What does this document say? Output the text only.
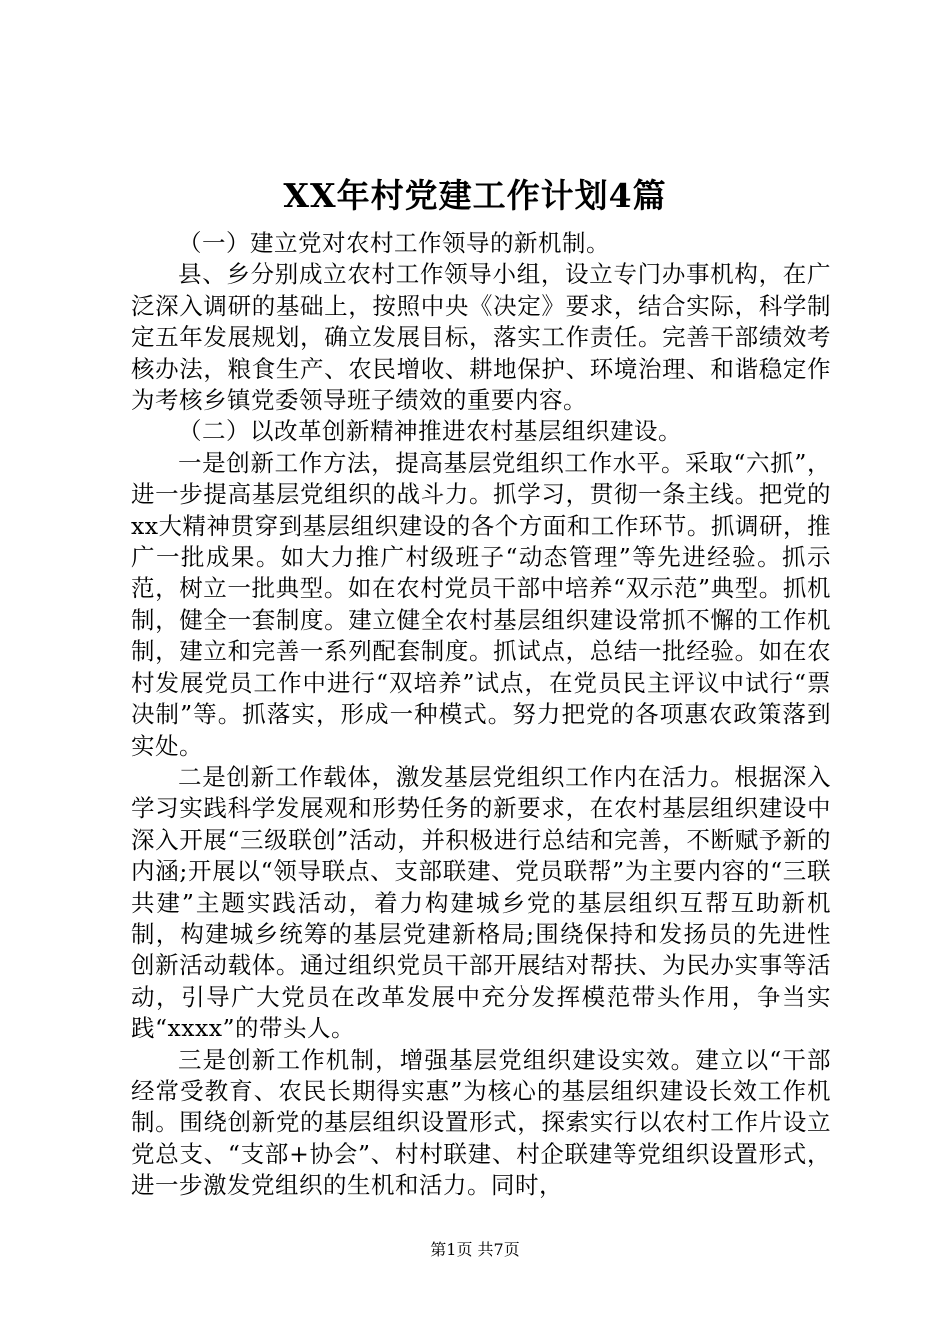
XX年村党建工作计划4篇

（一）建立党对农村工作领导的新机制。

县、乡分别成立农村工作领导小组，设立专门办事机构，在广泛深入调研的基础上，按照中央《决定》要求，结合实际，科学制定五年发展规划，确立发展目标，落实工作责任。完善干部绩效考核办法，粮食生产、农民增收、耕地保护、环境治理、和谐稳定作为考核乡镇党委领导班子绩效的重要内容。

（二）以改革创新精神推进农村基层组织建设。

一是创新工作方法，提高基层党组织工作水平。采取“六抓”，进一步提高基层党组织的战斗力。抓学习，贯彻一条主线。把党的xx大精神贯穿到基层组织建设的各个方面和工作环节。抓调研，推广一批成果。如大力推广村级班子“动态管理”等先进经验。抓示范，树立一批典型。如在农村党员干部中培养“双示范”典型。抓机制，健全一套制度。建立健全农村基层组织建设常抓不懈的工作机制，建立和完善一系列配套制度。抓试点，总结一批经验。如在农村发展党员工作中进行“双培养”试点，在党员民主评议中试行“票决制”等。抓落实，形成一种模式。努力把党的各项惠农政策落到实处。

二是创新工作载体，激发基层党组织工作内在活力。根据深入学习实践科学发展观和形势任务的新要求，在农村基层组织建设中深入开展“三级联创”活动，并积极进行总结和完善，不断赋予新的内涵;开展以“领导联点、支部联建、党员联帮”为主要内容的“三联共建”主题实践活动，着力构建城乡党的基层组织互帮互助新机制，构建城乡统筹的基层党建新格局;围绕保持和发扬员的先进性创新活动载体。通过组织党员干部开展结对帮扶、为民办实事等活动，引导广大党员在改革发展中充分发挥模范带头作用，争当实践“xxxx”的带头人。

三是创新工作机制，增强基层党组织建设实效。建立以“干部经常受教育、农民长期得实惠”为核心的基层组织建设长效工作机制。围绕创新党的基层组织设置形式，探索实行以农村工作片设立党总支、“支部+协会”、村村联建、村企联建等党组织设置形式，进一步激发党组织的生机和活力。同时，

第1页 共7页
